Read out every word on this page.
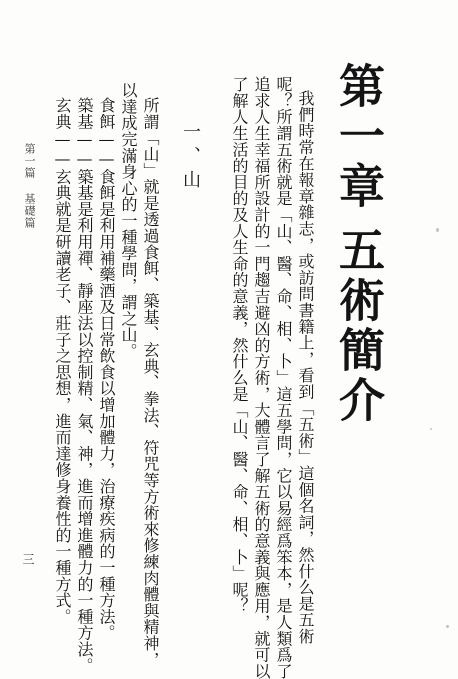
第一章
五術簡介
我們時常在報章雜志，或訪問書籍上，看到「五術」這個名詞，然什么是五術
呢？所謂五術就是「山、醫、命、相、卜」這五學問，它以易經爲笨本，是人類爲了
追求人生幸福所設計的一門趨吉避凶的方術，大體言了解五術的意義與應用，就可以
了解人生活的目的及人生命的意義，然什么是「山、醫、命、相、卜」呢？
一、山
所謂「山」就是透過食餌、築基、玄典、拳法、符咒等方術來修練肉體與精神，
以達成完滿身心的一種學問，謂之山。
食餌——食餌是利用補藥酒及日常飲食以增加體力，治療疾病的一種方法。
築基——築基是利用禪、靜座法以控制精、氣、神，進而增進體力的一種方法。
玄典——玄典就是研讀老子、莊子之思想，進而達修身養性的一種方式。
第一篇 基礎篇
三
